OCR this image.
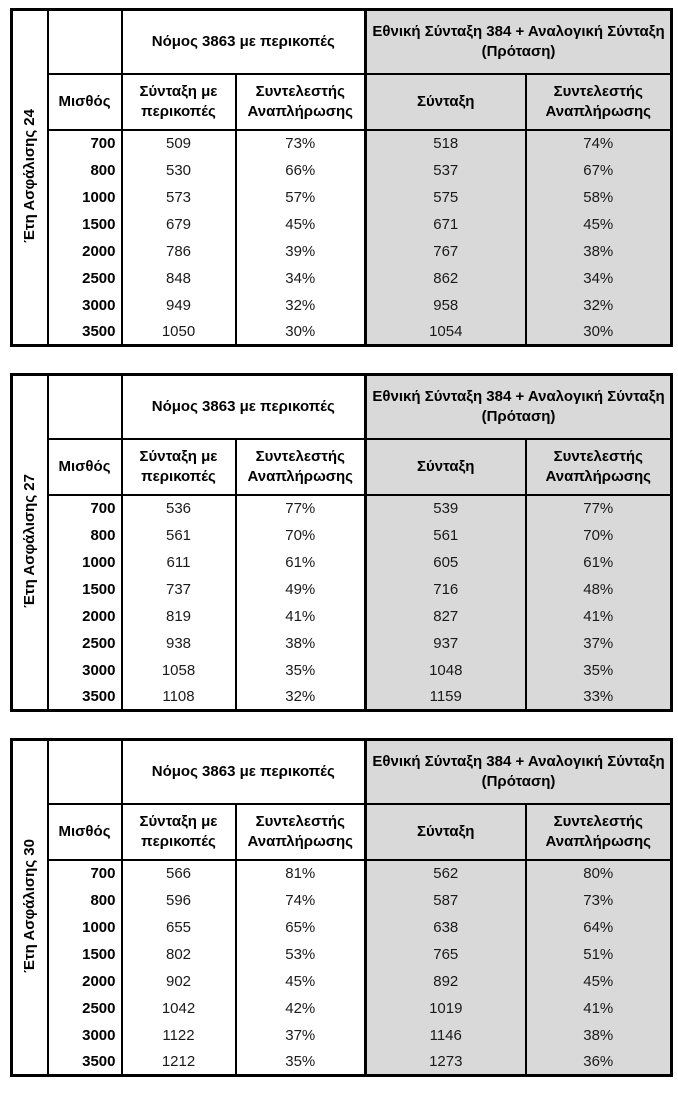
Έτη Ασφάλισης 24		Νόμος 3863 με περικοπές		Εθνική Σύνταξη 384 + Αναλογική Σύνταξη (Πρόταση)	
	Μισθός	Σύνταξη με περικοπές	Συντελεστής Αναπλήρωσης	Σύνταξη	Συντελεστής Αναπλήρωσης
	700	509	73%	518	74%
	800	530	66%	537	67%
	1000	573	57%	575	58%
	1500	679	45%	671	45%
	2000	786	39%	767	38%
	2500	848	34%	862	34%
	3000	949	32%	958	32%
	3500	1050	30%	1054	30%
Έτη Ασφάλισης 27		Νόμος 3863 με περικοπές		Εθνική Σύνταξη 384 + Αναλογική Σύνταξη (Πρόταση)	
	Μισθός	Σύνταξη με περικοπές	Συντελεστής Αναπλήρωσης	Σύνταξη	Συντελεστής Αναπλήρωσης
	700	536	77%	539	77%
	800	561	70%	561	70%
	1000	611	61%	605	61%
	1500	737	49%	716	48%
	2000	819	41%	827	41%
	2500	938	38%	937	37%
	3000	1058	35%	1048	35%
	3500	1108	32%	1159	33%
Έτη Ασφάλισης 30		Νόμος 3863 με περικοπές		Εθνική Σύνταξη 384 + Αναλογική Σύνταξη (Πρόταση)	
	Μισθός	Σύνταξη με περικοπές	Συντελεστής Αναπλήρωσης	Σύνταξη	Συντελεστής Αναπλήρωσης
	700	566	81%	562	80%
	800	596	74%	587	73%
	1000	655	65%	638	64%
	1500	802	53%	765	51%
	2000	902	45%	892	45%
	2500	1042	42%	1019	41%
	3000	1122	37%	1146	38%
	3500	1212	35%	1273	36%
